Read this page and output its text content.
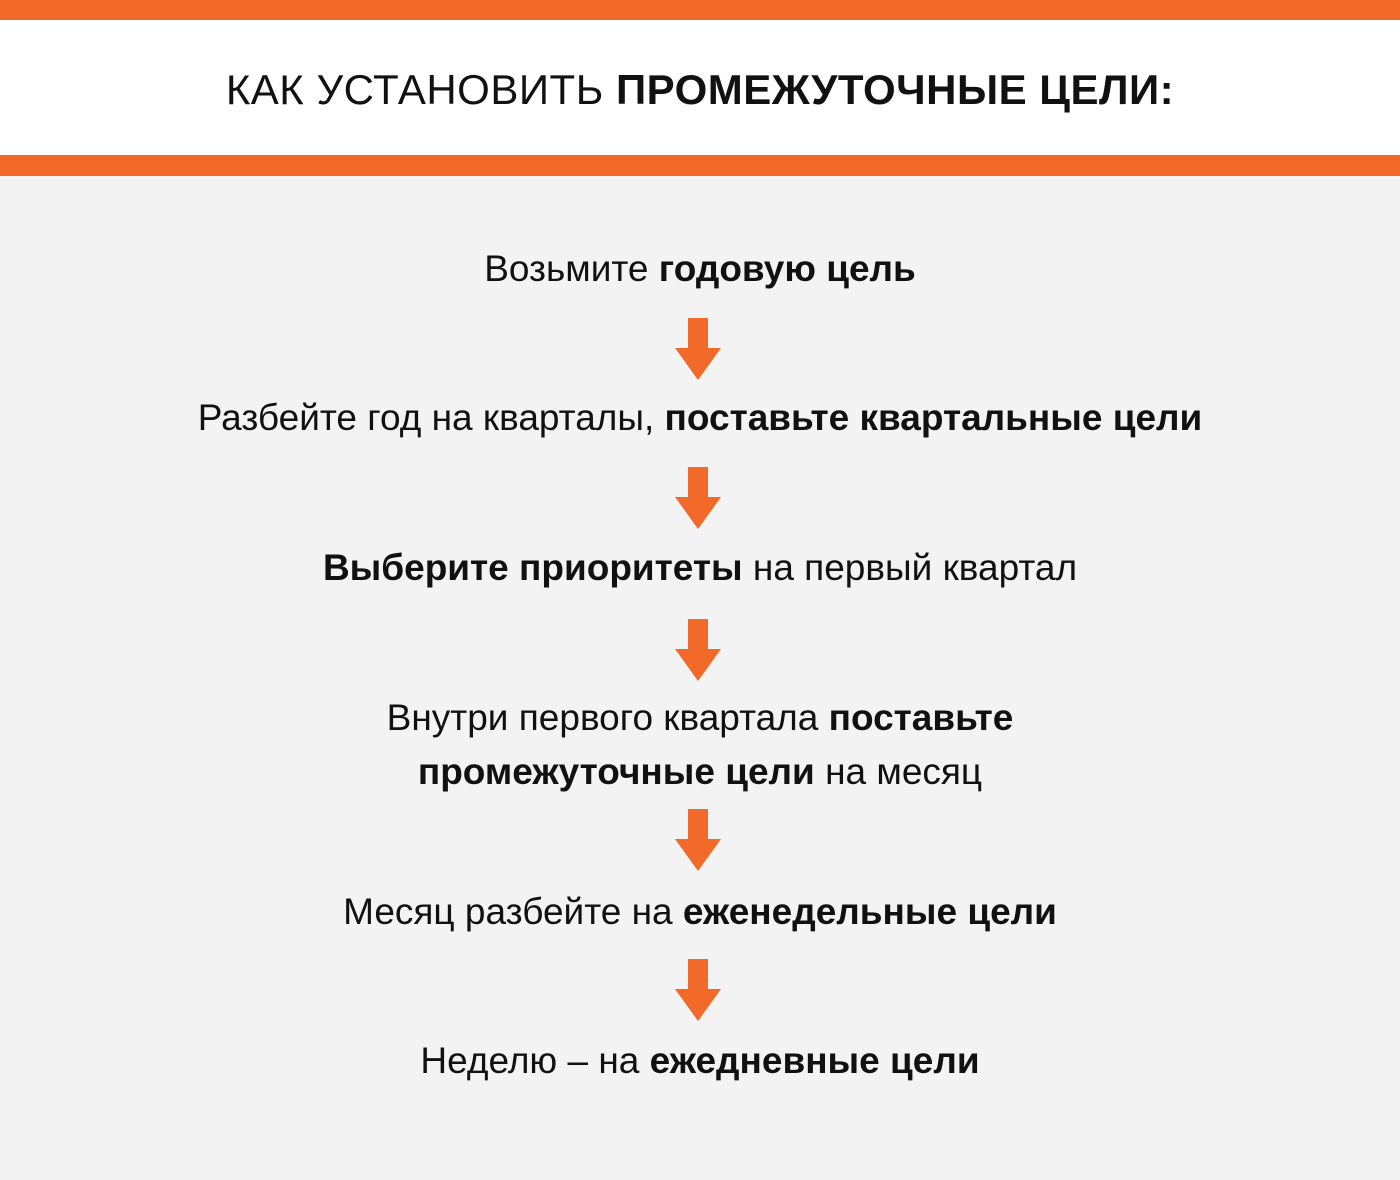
КАК УСТАНОВИТЬ ПРОМЕЖУТОЧНЫЕ ЦЕЛИ:
Возьмите годовую цель
Разбейте год на кварталы, поставьте квартальные цели
Выберите приоритеты на первый квартал
Внутри первого квартала поставьте
промежуточные цели на месяц
Месяц разбейте на еженедельные цели
Неделю – на ежедневные цели
